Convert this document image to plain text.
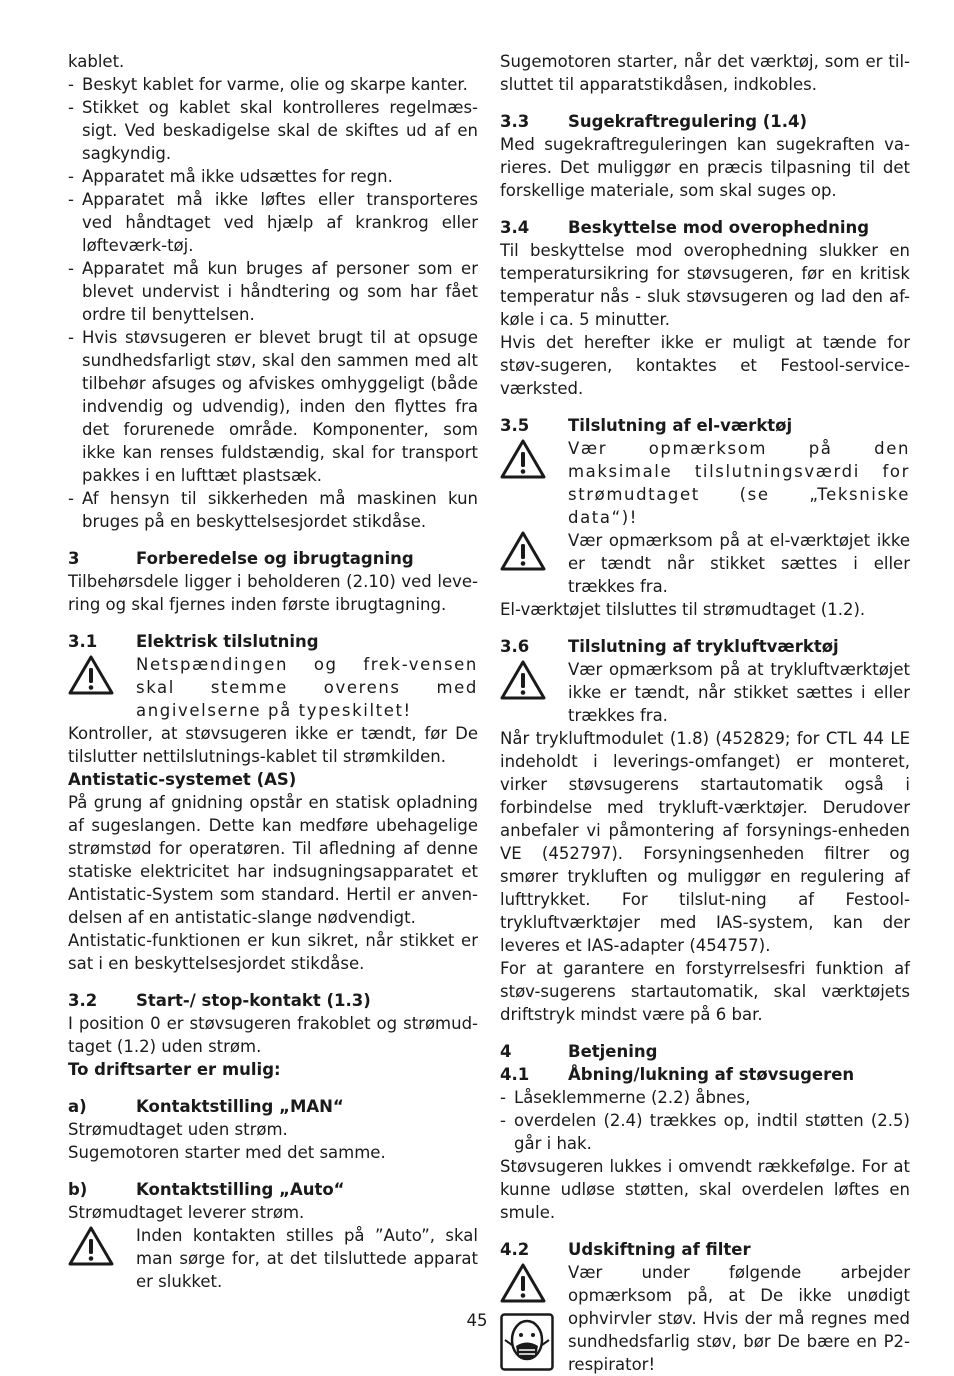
kablet.

- Beskyt kablet for varme, olie og skarpe kanter.
- Stikket og kablet skal kontrolleres regelmæs-sigt. Ved beskadigelse skal de skiftes ud af en sagkyndig.
- Apparatet må ikke udsættes for regn.
- Apparatet må ikke løftes eller transporteres ved håndtaget ved hjælp af krankrog eller løfteværk-tøj.
- Apparatet må kun bruges af personer som er blevet undervist i håndtering og som har fået ordre til benyttelsen.
- Hvis støvsugeren er blevet brugt til at opsuge sundhedsfarligt støv, skal den sammen med alt tilbehør afsuges og afviskes omhyggeligt (både indvendig og udvendig), inden den flyttes fra det forurenede område. Komponenter, som ikke kan renses fuldstændig, skal for transport pakkes i en lufttæt plastsæk.
- Af hensyn til sikkerheden må maskinen kun bruges på en beskyttelsesjordet stikdåse.
3	Forberedelse og ibrugtagning

Tilbehørsdele ligger i beholderen (2.10) ved leve-ring og skal fjernes inden første ibrugtagning.

3.1	Elektrisk tilslutning

Netspændingen og frek-vensen skal stemme overens med angivelserne på typeskiltet!

Kontroller, at støvsugeren ikke er tændt, før De tilslutter nettilslutnings-kablet til strømkilden.

Antistatic-systemet (AS)

På grung af gnidning opstår en statisk opladning af sugeslangen. Dette kan medføre ubehagelige strømstød for operatøren. Til afledning af denne statiske elektricitet har indsugningsapparatet et Antistatic-System som standard. Hertil er anven-delsen af en antistatic-slange nødvendigt.

Antistatic-funktionen er kun sikret, når stikket er sat i en beskyttelsesjordet stikdåse.

3.2	Start-/ stop-kontakt (1.3)

I position 0 er støvsugeren frakoblet og strømud-taget (1.2) uden strøm.

To driftsarter er mulig:

a)	Kontaktstilling „MAN“

Strømudtaget uden strøm.

Sugemotoren starter med det samme.

b)	Kontaktstilling „Auto“

Strømudtaget leverer strøm.

Inden kontakten stilles på ”Auto”, skal man sørge for, at det tilsluttede apparat er slukket.

Sugemotoren starter, når det værktøj, som er til-sluttet til apparatstikdåsen, indkobles.

3.3	Sugekraftregulering (1.4)

Med sugekraftreguleringen kan sugekraften va-rieres. Det muliggør en præcis tilpasning til det forskellige materiale, som skal suges op.

3.4	Beskyttelse mod overophedning

Til beskyttelse mod overophedning slukker en temperatursikring for støvsugeren, før en kritisk temperatur nås - sluk støvsugeren og lad den af-køle i ca. 5 minutter.

Hvis det herefter ikke er muligt at tænde for støv-sugeren, kontaktes et Festool-service-værksted.

3.5	Tilslutning af el-værktøj

Vær opmærksom på den maksimale tilslutningsværdi for strømudtaget (se „Teksniske data“)!

Vær opmærksom på at el-værktøjet ikke er tændt når stikket sættes i eller trækkes fra.

El-værktøjet tilsluttes til strømudtaget (1.2).

3.6	Tilslutning af trykluftværktøj

Vær opmærksom på at trykluftværktøjet ikke er tændt, når stikket sættes i eller trækkes fra.

Når trykluftmodulet (1.8) (452829; for CTL 44 LE indeholdt i leverings-omfanget) er monteret, virker støvsugerens startautomatik også i forbindelse med trykluft-værktøjer. Derudover anbefaler vi påmontering af forsynings-enheden VE (452797). Forsyningsenheden filtrer og smører trykluften og muliggør en regulering af lufttrykket. For tilslut-ning af Festool-trykluftværktøjer med IAS-system, kan der leveres et IAS-adapter (454757).

For at garantere en forstyrrelsesfri funktion af støv-sugerens startautomatik, skal værktøjets driftstryk mindst være på 6 bar.

4	Betjening
4.1	Åbning/lukning af støvsugeren
- Låseklemmerne (2.2) åbnes,
- overdelen (2.4) trækkes op, indtil støtten (2.5) går i hak.

Støvsugeren lukkes i omvendt rækkefølge. For at kunne udløse støtten, skal overdelen løftes en smule.

4.2	Udskiftning af filter

Vær under følgende arbejder opmærksom på, at De ikke unødigt ophvirvler støv. Hvis der må regnes med sundhedsfarlig støv, bør De bære en P2-respirator!

45
